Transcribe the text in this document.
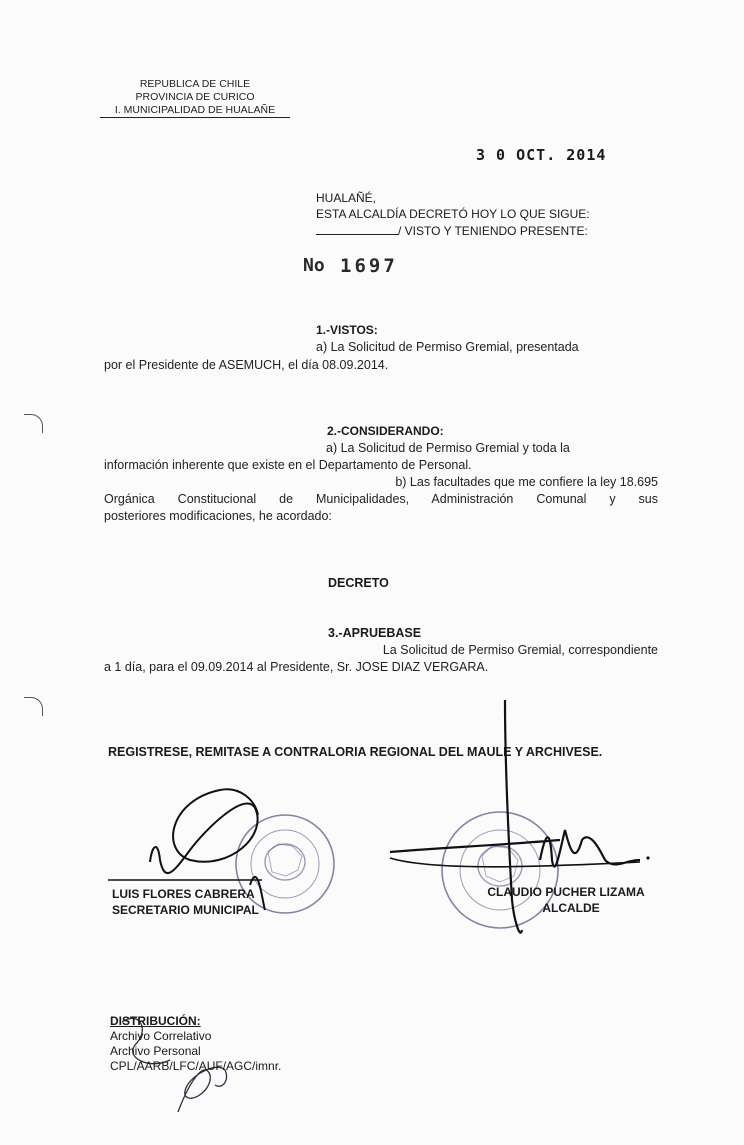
REPUBLICA DE CHILE
PROVINCIA DE CURICO
I. MUNICIPALIDAD DE HUALAÑE
3 0 OCT. 2014
HUALAÑÉ,
ESTA ALCALDÍA DECRETÓ HOY LO QUE SIGUE:
/ VISTO Y TENIENDO PRESENTE:
No 1697
1.-VISTOS:
a) La Solicitud de Permiso Gremial, presentada
por el Presidente de ASEMUCH, el día 08.09.2014.
2.-CONSIDERANDO:
a) La Solicitud de Permiso Gremial y toda la
información inherente que existe en el Departamento de Personal.
b) Las facultades que me confiere la ley 18.695
Orgánica Constitucional de Municipalidades, Administración Comunal y sus
posteriores modificaciones, he acordado:
DECRETO
3.-APRUEBASE
La Solicitud de Permiso Gremial, correspondiente
a 1 día, para el 09.09.2014 al Presidente, Sr. JOSE DIAZ VERGARA.
REGISTRESE, REMITASE A CONTRALORIA REGIONAL DEL MAULE Y ARCHIVESE.
LUIS FLORES CABRERA
SECRETARIO MUNICIPAL
CLAUDIO PUCHER LIZAMA
ALCALDE
DISTRIBUCIÓN:
Archivo Correlativo
Archivo Personal
CPL/AARB/LFC/AUF/AGC/imnr.
